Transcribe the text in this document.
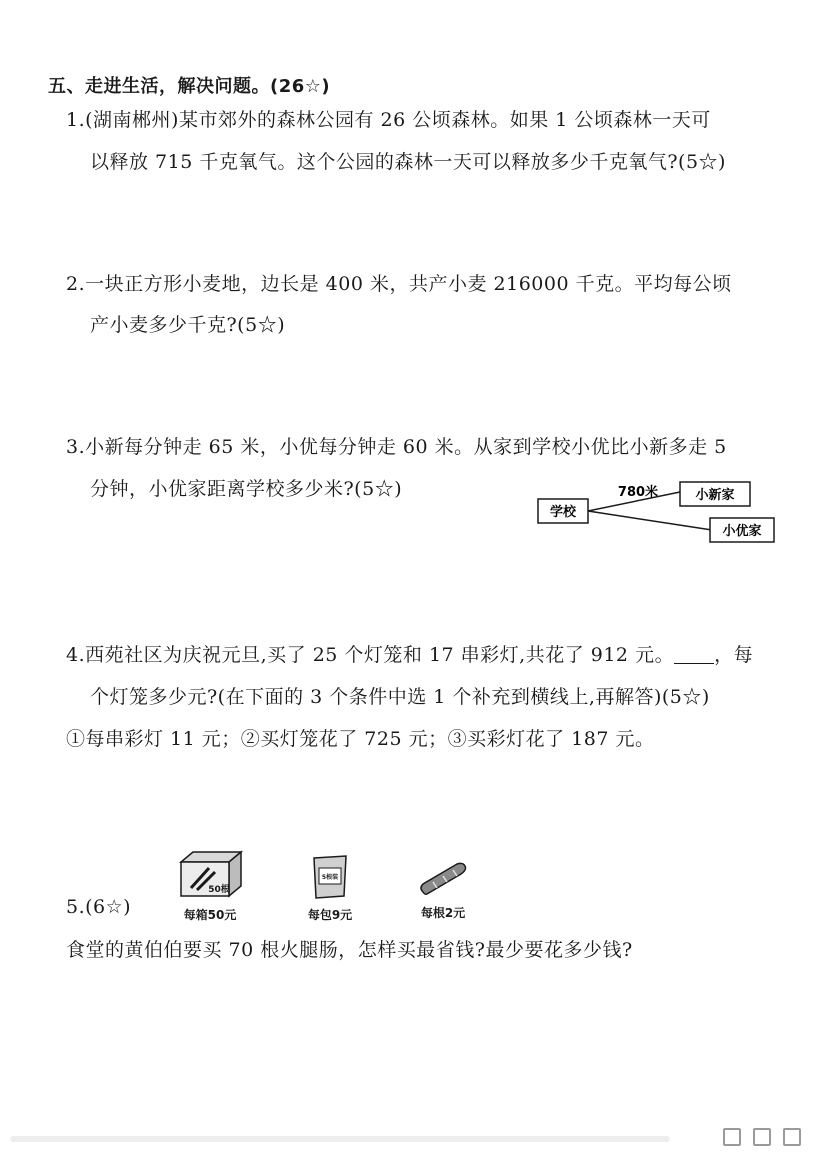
五、走进生活，解决问题。(26☆)
1.(湖南郴州)某市郊外的森林公园有 26 公顷森林。如果 1 公顷森林一天可
以释放 715 千克氧气。这个公园的森林一天可以释放多少千克氧气?(5☆)
2.一块正方形小麦地，边长是 400 米，共产小麦 216000 千克。平均每公顷
产小麦多少千克?(5☆)
3.小新每分钟走 65 米，小优每分钟走 60 米。从家到学校小优比小新多走 5
分钟，小优家距离学校多少米?(5☆)
学校
780米	小新家
小优家
4.西苑社区为庆祝元旦,买了 25 个灯笼和 17 串彩灯,共花了 912 元。 ，每
个灯笼多少元?(在下面的 3 个条件中选 1 个补充到横线上,再解答)(5☆)
①每串彩灯 11 元；②买灯笼花了 725 元；③买彩灯花了 187 元。
5.(6☆)
50根
每箱50元
5根装
每包9元	每根2元
食堂的黄伯伯要买 70 根火腿肠，怎样买最省钱?最少要花多少钱?
